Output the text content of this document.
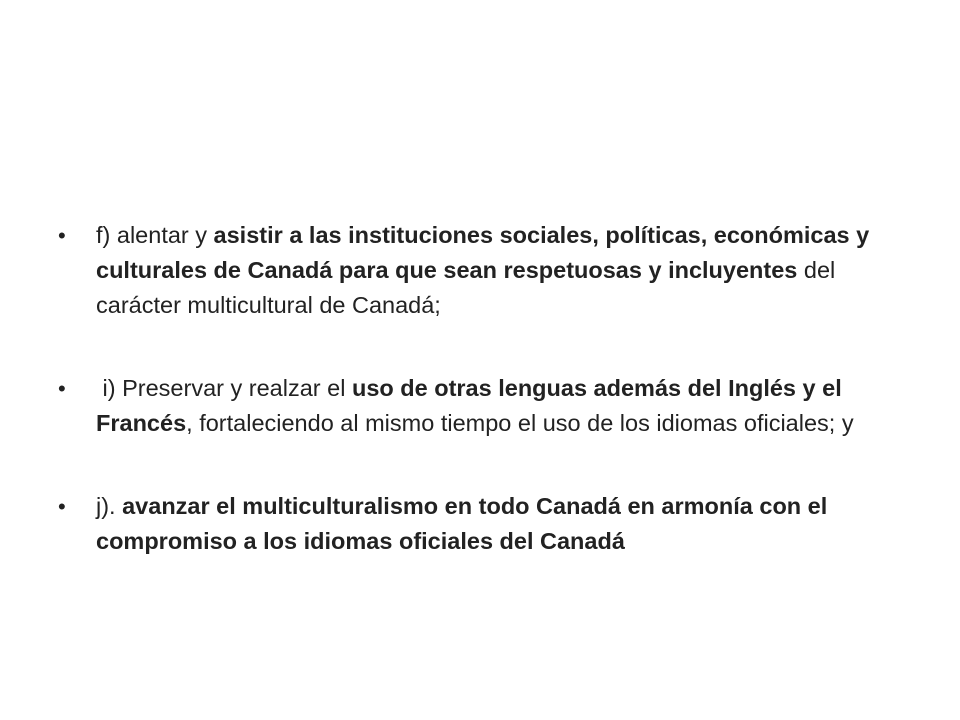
• f) alentar y asistir a las instituciones sociales, políticas, económicas y culturales de Canadá para que sean respetuosas y incluyentes del carácter multicultural de Canadá;
• i) Preservar y realzar el uso de otras lenguas además del Inglés y el Francés, fortaleciendo al mismo tiempo el uso de los idiomas oficiales; y
• j). avanzar el multiculturalismo en todo Canadá en armonía con el compromiso a los idiomas oficiales del Canadá
